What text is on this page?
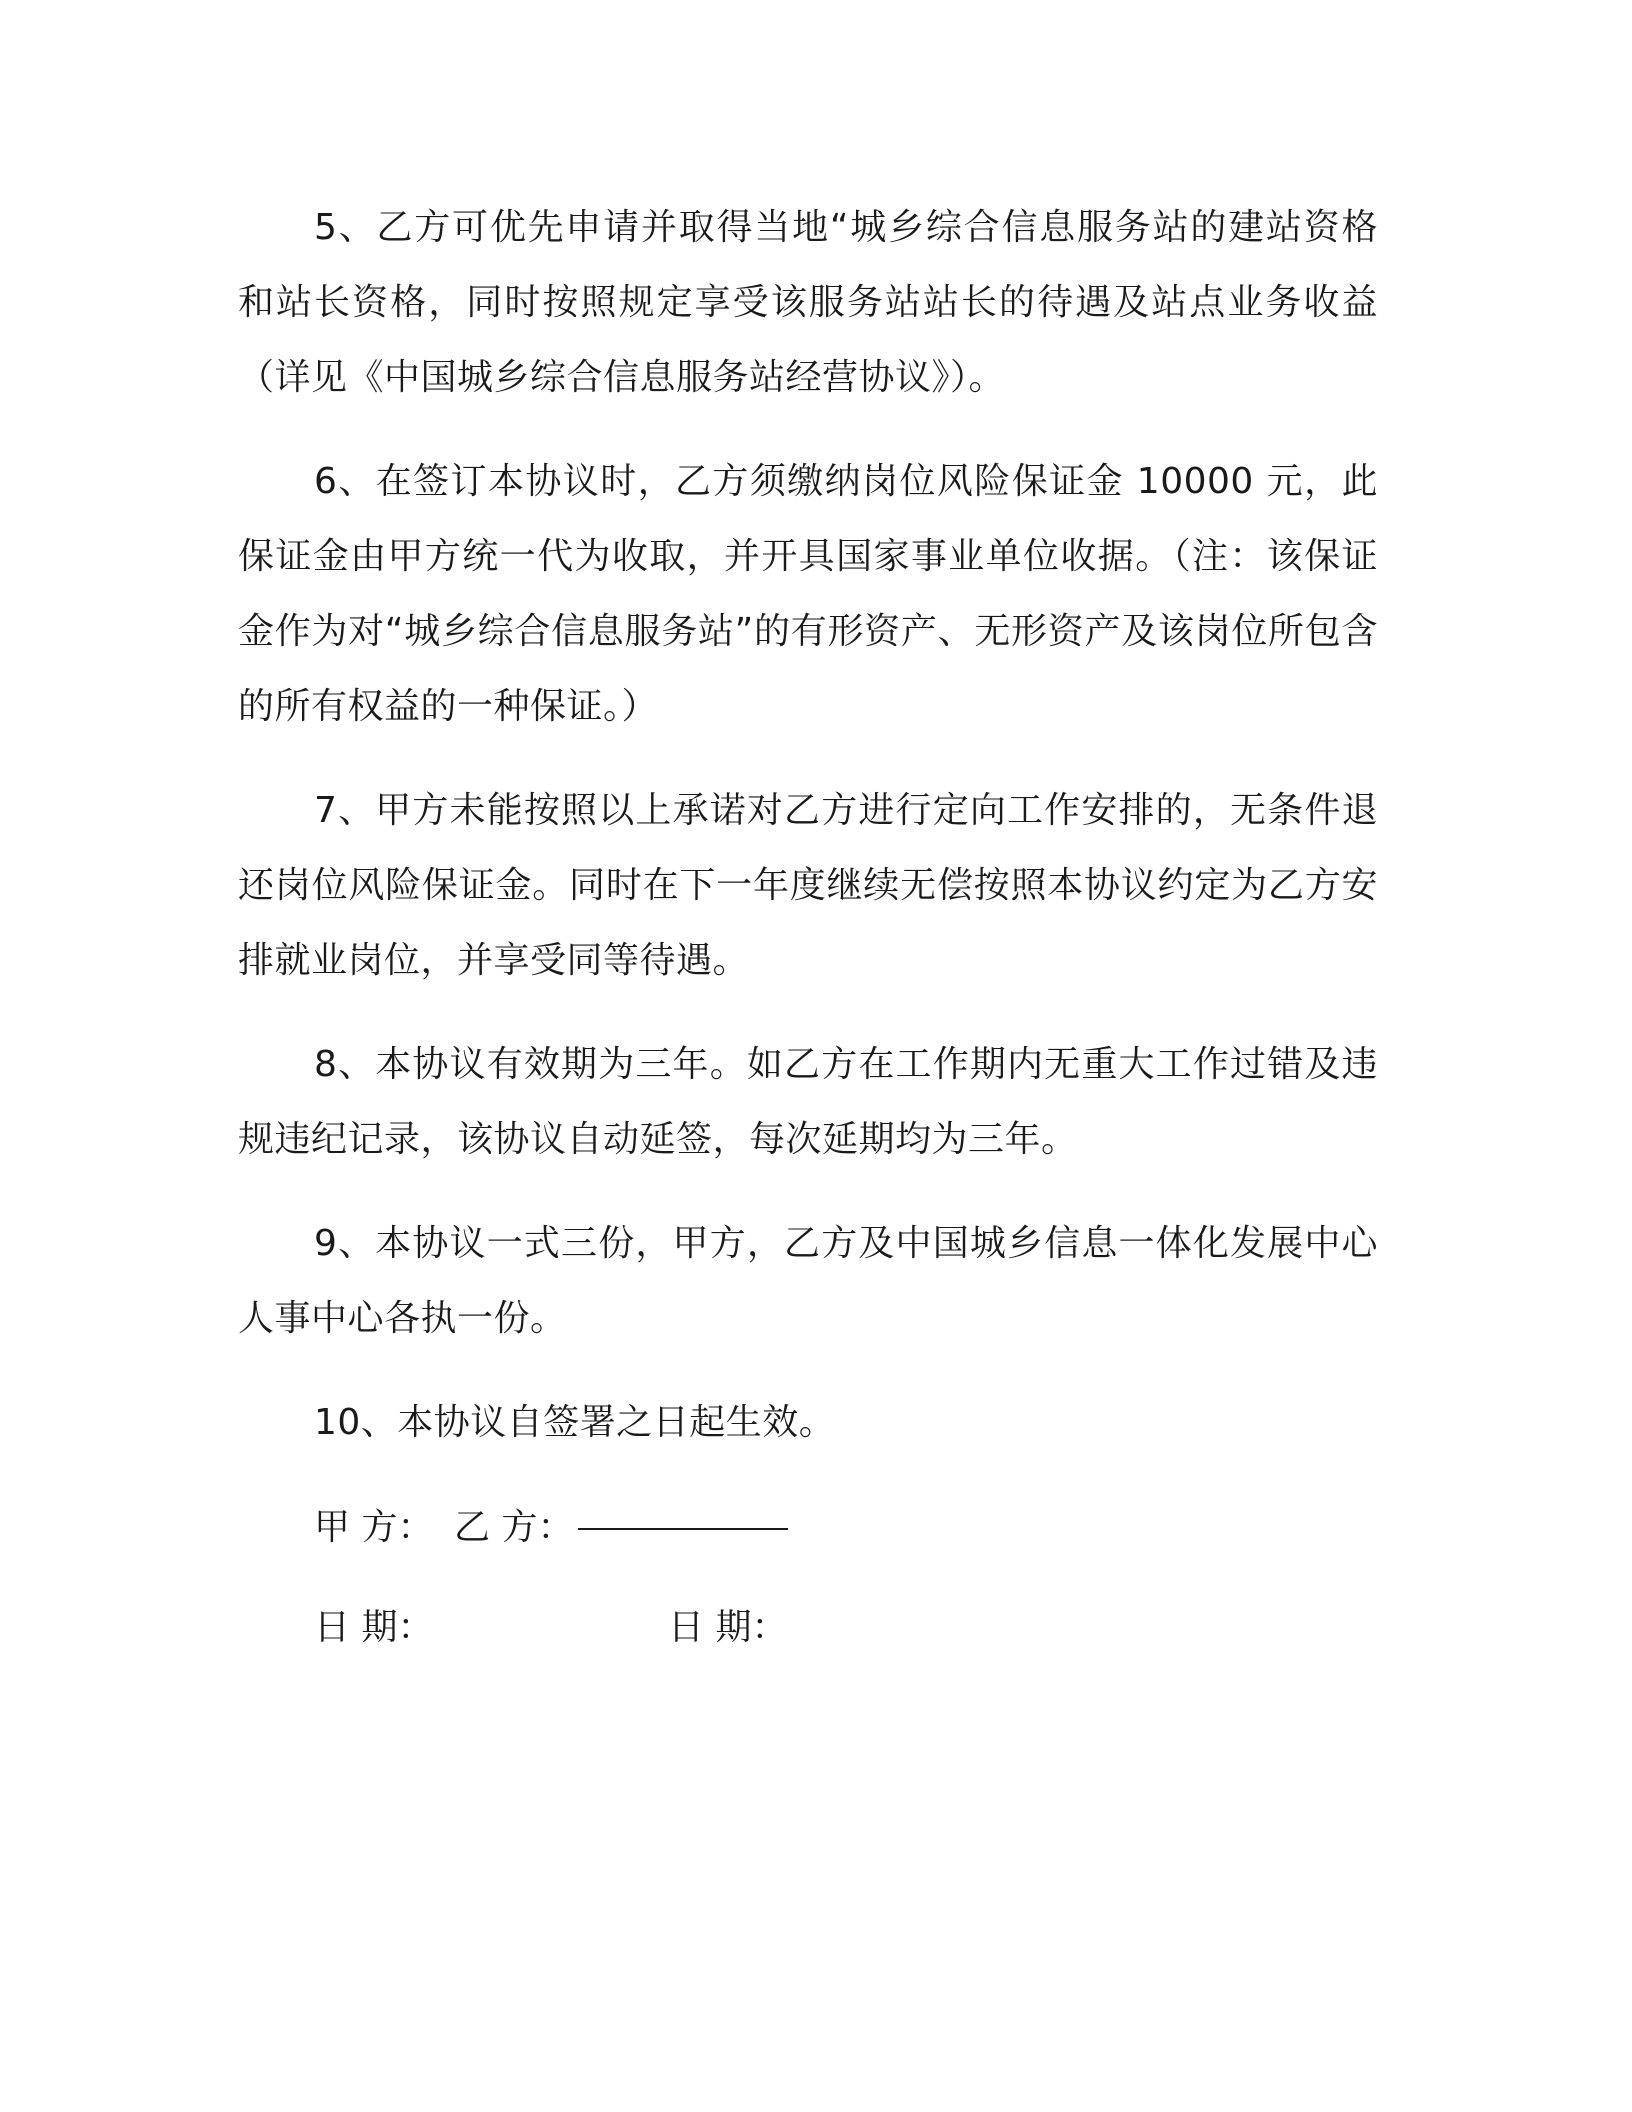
5、乙方可优先申请并取得当地“城乡综合信息服务站的建站资格和站长资格，同时按照规定享受该服务站站长的待遇及站点业务收益（详见《中国城乡综合信息服务站经营协议》）。

6、在签订本协议时，乙方须缴纳岗位风险保证金 10000 元，此保证金由甲方统一代为收取，并开具国家事业单位收据。（注：该保证金作为对“城乡综合信息服务站”的有形资产、无形资产及该岗位所包含的所有权益的一种保证。）

7、甲方未能按照以上承诺对乙方进行定向工作安排的，无条件退还岗位风险保证金。同时在下一年度继续无偿按照本协议约定为乙方安排就业岗位，并享受同等待遇。

8、本协议有效期为三年。如乙方在工作期内无重大工作过错及违规违纪记录，该协议自动延签，每次延期均为三年。

9、本协议一式三份，甲方，乙方及中国城乡信息一体化发展中心人事中心各执一份。

10、本协议自签署之日起生效。

甲 方： 乙 方：
日 期：	日 期：
